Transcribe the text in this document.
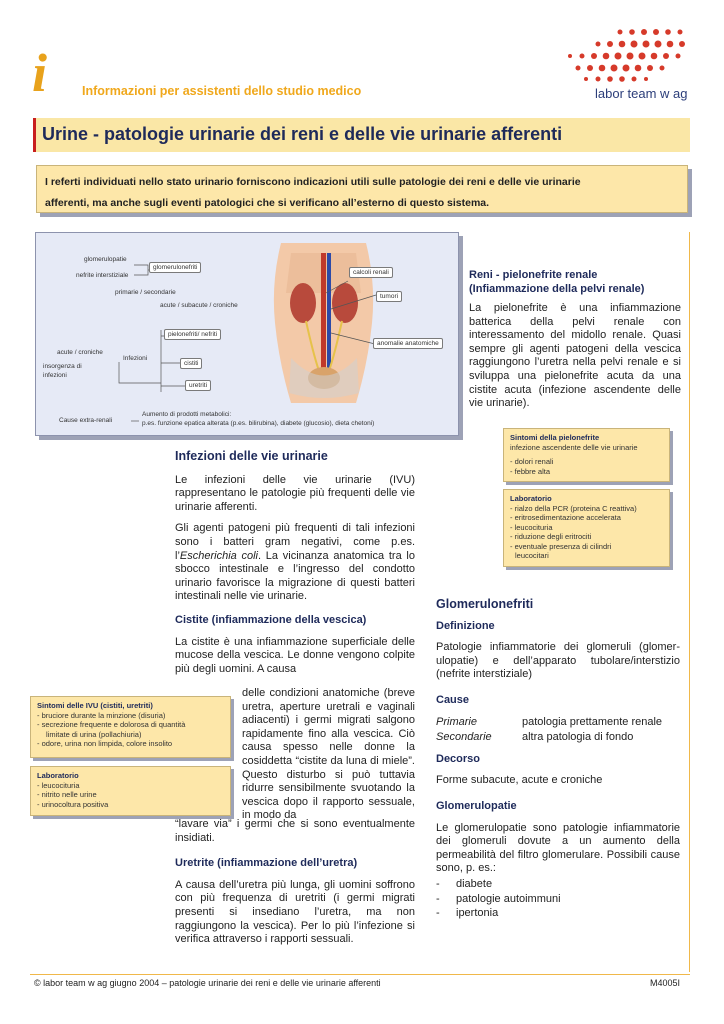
i	Informazioni per assistenti dello studio medico	labor team w ag
Urine - patologie urinarie dei reni e delle vie urinarie afferenti
I referti individuati nello stato urinario forniscono indicazioni utili sulle patologie dei reni e delle vie urinarie
afferenti, ma anche sugli eventi patologici che si verificano all’esterno di questo sistema.
glomerulopatie
nefrite interstiziale
glomerulonefriti
primarie / secondarie
acute / subacute / croniche
calcoli renali
tumori
pielonefriti/ nefriti
anomalie anatomiche
acute / croniche
Infezioni
insorgenza di
infezioni
cistiti
uretriti
Cause extra-renali
Aumento di prodotti metabolici:
p.es. funzione epatica alterata (p.es. bilirubina), diabete (glucosio), dieta chetoni)
Reni - pielonefrite renale
(Infiammazione della pelvi renale)

La pielonefrite è una infiammazione batterica della pelvi renale con interessamento del midollo renale. Quasi sempre gli agenti patogeni della vescica raggiungono l’uretra nella pelvi renale e si sviluppa una pielonefrite acuta da una cistite acuta (infezione ascendente delle vie urinarie).

Sintomi della pielonefrite
infezione ascendente delle vie urinarie
- dolori renali
- febbre alta
Laboratorio
- rialzo della PCR (proteina C reattiva)
- eritrosedimentazione accelerata
- leucocituria
- riduzione degli eritrociti
- eventuale presenza di cilindri
leucocitari
Glomerulonefriti
Definizione

Patologie infiammatorie dei glomeruli (glomer-ulopatie) e dell’apparato tubolare/interstizio (nefrite interstiziale)

Cause
Primarie	patologia prettamente renale
Secondarie	altra patologia di fondo
Decorso

Forme subacute, acute e croniche

Glomerulopatie

Le glomerulopatie sono patologie infiammatorie dei glomeruli dovute a un aumento della permeabilità del filtro glomerulare. Possibili cause sono, p. es.:

-	diabete
-	patologie autoimmuni
-	ipertonia
Infezioni delle vie urinarie

Le infezioni delle vie urinarie (IVU) rappresentano le patologie più frequenti delle vie urinarie afferenti.

Gli agenti patogeni più frequenti di tali infezioni sono i batteri gram negativi, come p.es. l’Escherichia coli. La vicinanza anatomica tra lo sbocco intestinale e l’ingresso del condotto urinario favorisce la migrazione di questi batteri intestinali nelle vie urinarie.

Cistite (infiammazione della vescica)

La cistite è una infiammazione superficiale delle mucose della vescica. Le donne vengono colpite più degli uomini. A causa

delle condizioni anatomiche (breve uretra, aperture uretrali e vaginali adiacenti) i germi migrati salgono rapidamente fino alla vescica. Ciò causa spesso nelle donne la cosiddetta “cistite da luna di miele”. Questo disturbo si può tuttavia ridurre sensibilmente svuotando la vescica dopo il rapporto sessuale, in modo da

“lavare via” i germi che si sono eventualmente insidiati.

Uretrite (infiammazione dell’uretra)

A causa dell’uretra più lunga, gli uomini soffrono con più frequenza di uretriti (i germi migrati presenti si insediano l’uretra, ma non raggiungono la vescica). Per lo più l’infezione si verifica attraverso i rapporti sessuali.

Sintomi delle IVU (cistiti, uretriti)
- bruciore durante la minzione (disuria)
- secrezione frequente e dolorosa di quantità
limitate di urina (pollachiuria)
- odore, urina non limpida, colore insolito
Laboratorio
- leucocituria
- nitrito nelle urine
- urinocoltura positiva
© labor team w ag giugno 2004 – patologie urinarie dei reni e delle vie urinarie afferenti	M4005I
